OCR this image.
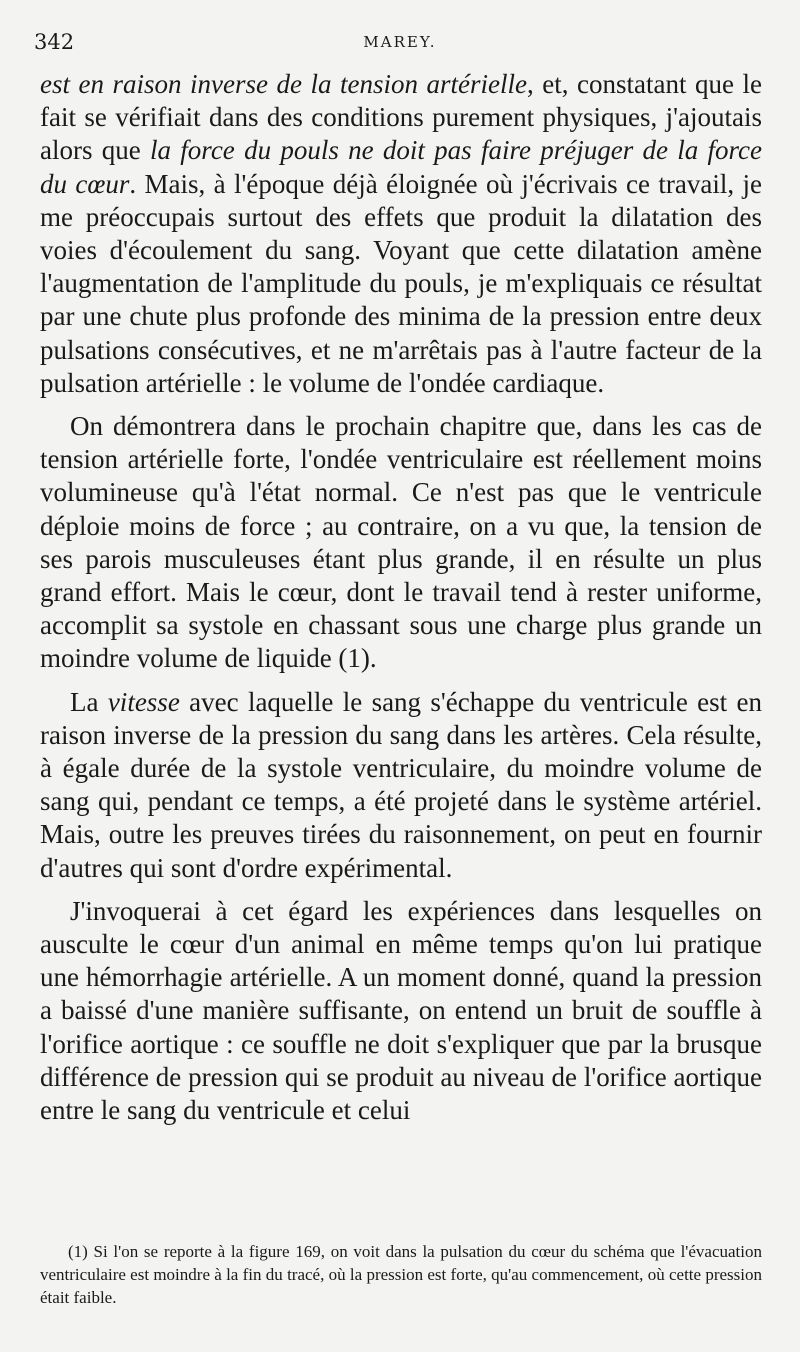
342	MAREY.

est en raison inverse de la tension artérielle, et, constatant que le fait se vérifiait dans des conditions purement physiques, j'ajoutais alors que la force du pouls ne doit pas faire préjuger de la force du cœur. Mais, à l'époque déjà éloignée où j'écrivais ce travail, je me préoccupais surtout des effets que produit la dilatation des voies d'écoulement du sang. Voyant que cette dilatation amène l'augmentation de l'amplitude du pouls, je m'expliquais ce résultat par une chute plus profonde des minima de la pression entre deux pulsations consécutives, et ne m'arrêtais pas à l'autre facteur de la pulsation artérielle : le volume de l'ondée cardiaque.

On démontrera dans le prochain chapitre que, dans les cas de tension artérielle forte, l'ondée ventriculaire est réellement moins volumineuse qu'à l'état normal. Ce n'est pas que le ventricule déploie moins de force ; au contraire, on a vu que, la tension de ses parois musculeuses étant plus grande, il en résulte un plus grand effort. Mais le cœur, dont le travail tend à rester uniforme, accomplit sa systole en chassant sous une charge plus grande un moindre volume de liquide (1).

La vitesse avec laquelle le sang s'échappe du ventricule est en raison inverse de la pression du sang dans les artères. Cela résulte, à égale durée de la systole ventriculaire, du moindre volume de sang qui, pendant ce temps, a été projeté dans le système artériel. Mais, outre les preuves tirées du raisonnement, on peut en fournir d'autres qui sont d'ordre expérimental.

J'invoquerai à cet égard les expériences dans lesquelles on ausculte le cœur d'un animal en même temps qu'on lui pratique une hémorrhagie artérielle. A un moment donné, quand la pression a baissé d'une manière suffisante, on entend un bruit de souffle à l'orifice aortique : ce souffle ne doit s'expliquer que par la brusque différence de pression qui se produit au niveau de l'orifice aortique entre le sang du ventricule et celui

(1) Si l'on se reporte à la figure 169, on voit dans la pulsation du cœur du schéma que l'évacuation ventriculaire est moindre à la fin du tracé, où la pression est forte, qu'au commencement, où cette pression était faible.
